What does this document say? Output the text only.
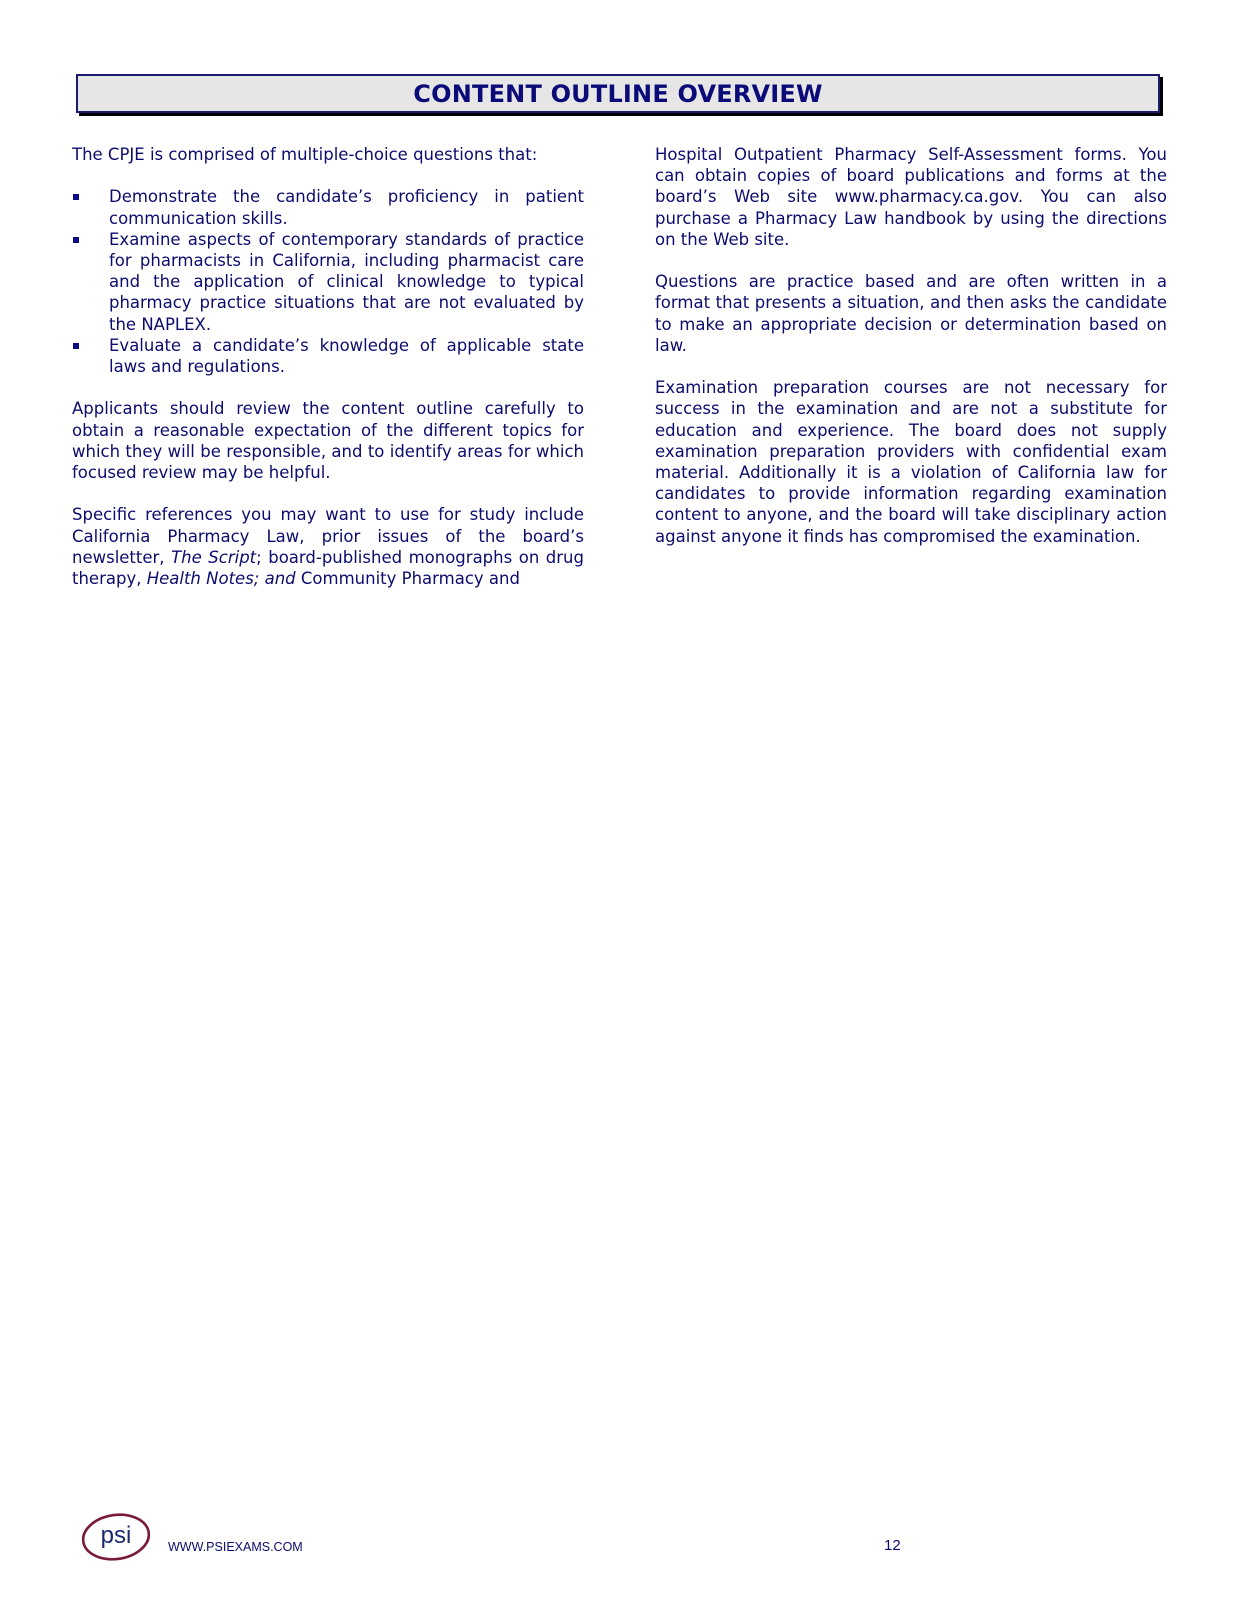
CONTENT OUTLINE OVERVIEW

The CPJE is comprised of multiple-choice questions that:

Demonstrate the candidate’s proficiency in patient communication skills.
Examine aspects of contemporary standards of practice for pharmacists in California, including pharmacist care and the application of clinical knowledge to typical pharmacy practice situations that are not evaluated by the NAPLEX.
Evaluate a candidate’s knowledge of applicable state laws and regulations.

Applicants should review the content outline carefully to obtain a reasonable expectation of the different topics for which they will be responsible, and to identify areas for which focused review may be helpful.

Specific references you may want to use for study include California Pharmacy Law, prior issues of the board’s newsletter, The Script; board-published monographs on drug therapy, Health Notes; and Community Pharmacy and

Hospital Outpatient Pharmacy Self-Assessment forms. You can obtain copies of board publications and forms at the board’s Web site www.pharmacy.ca.gov. You can also purchase a Pharmacy Law handbook by using the directions on the Web site.

Questions are practice based and are often written in a format that presents a situation, and then asks the candidate to make an appropriate decision or determination based on law.

Examination preparation courses are not necessary for success in the examination and are not a substitute for education and experience. The board does not supply examination preparation providers with confidential exam material. Additionally it is a violation of California law for candidates to provide information regarding examination content to anyone, and the board will take disciplinary action against anyone it finds has compromised the examination.

psi	WWW.PSIEXAMS.COM	12
